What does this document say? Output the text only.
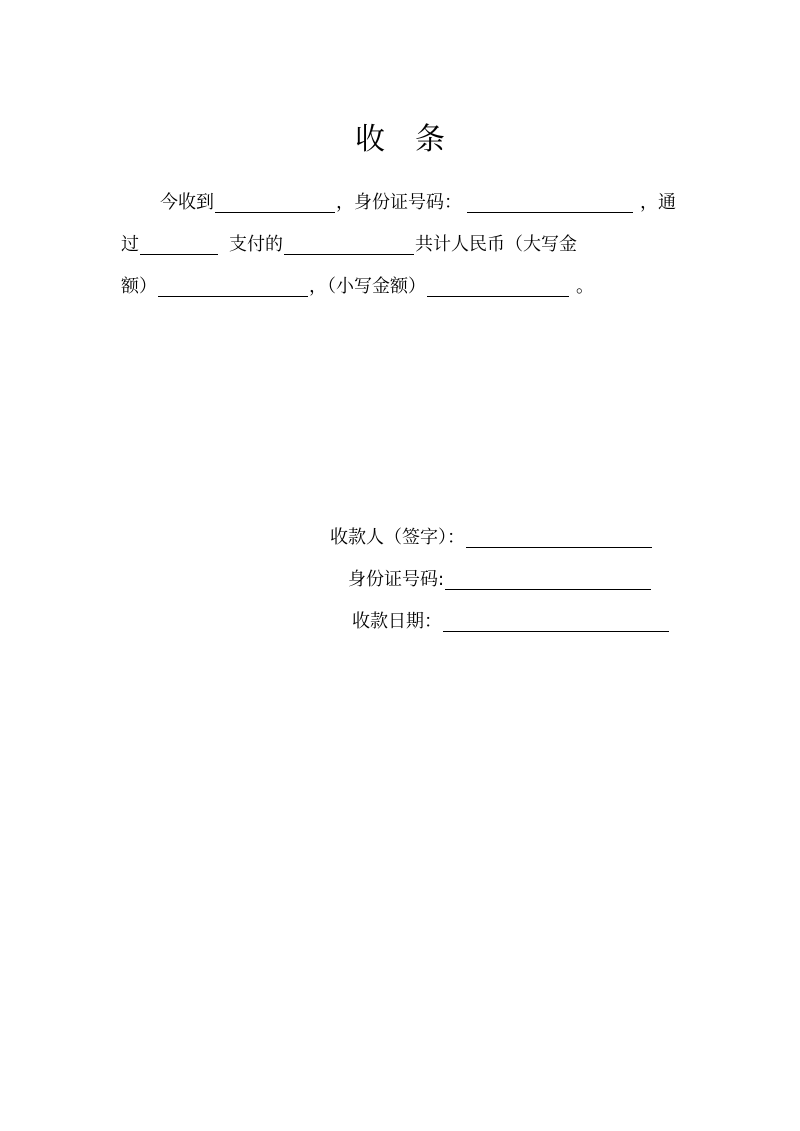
收条
今收到	，身份证号码：	，通
过	支付的	共计人民币（大写金
额）	，（小写金额）	。
收款人（签字）：
身份证号码:
收款日期：
